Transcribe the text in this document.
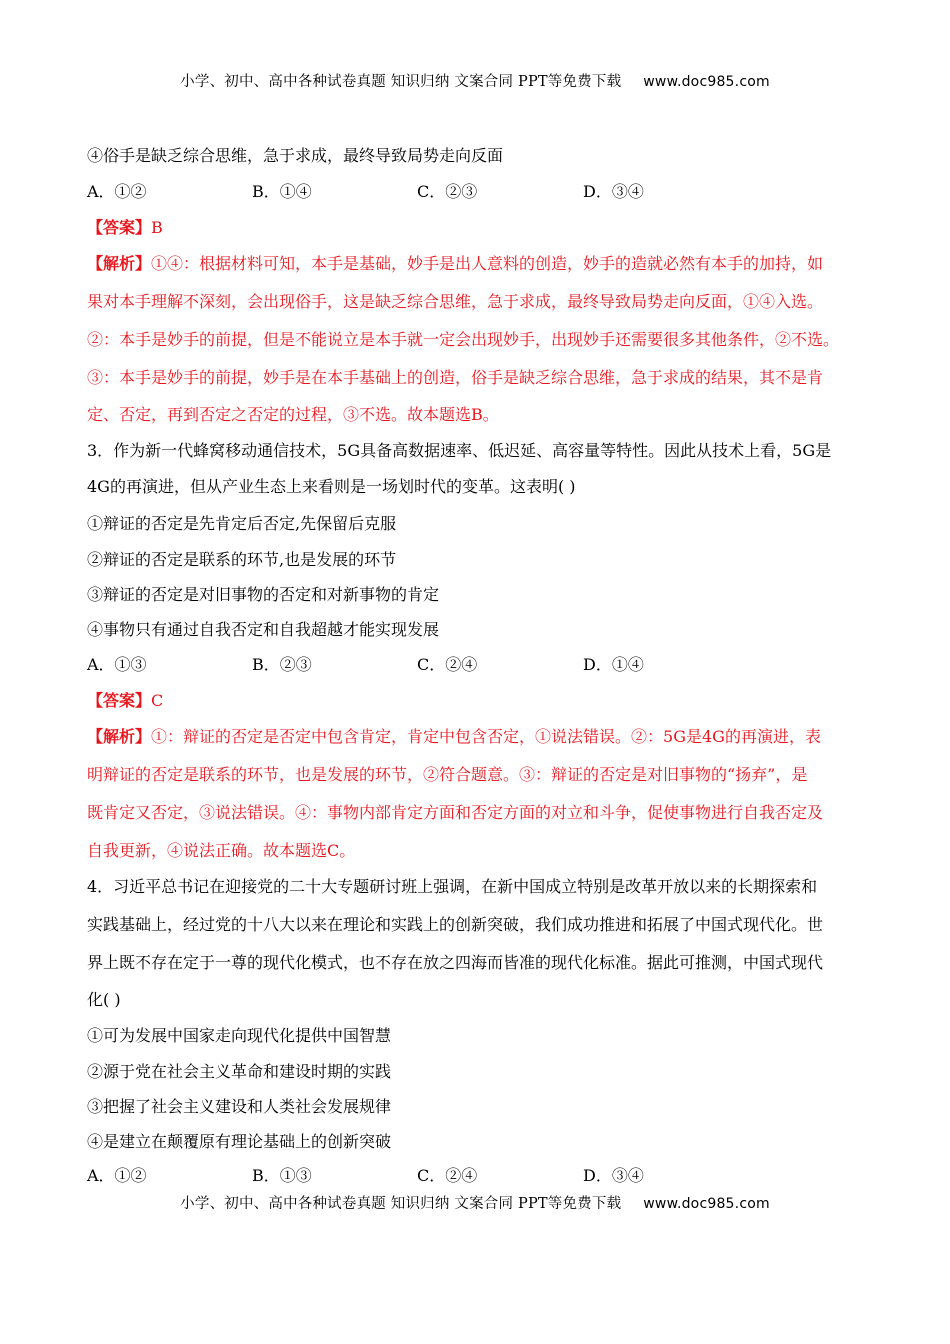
小学、初中、高中各种试卷真题 知识归纳 文案合同 PPT等免费下载 www.doc985.com
④俗手是缺乏综合思维，急于求成，最终导致局势走向反面
A．①②	B．①④	C．②③	D．③④
【答案】B
【解析】①④：根据材料可知，本手是基础，妙手是出人意料的创造，妙手的造就必然有本手的加持，如
果对本手理解不深刻，会出现俗手，这是缺乏综合思维，急于求成，最终导致局势走向反面，①④入选。
②：本手是妙手的前提，但是不能说立是本手就一定会出现妙手，出现妙手还需要很多其他条件，②不选。
③：本手是妙手的前提，妙手是在本手基础上的创造，俗手是缺乏综合思维，急于求成的结果，其不是肯
定、否定，再到否定之否定的过程，③不选。故本题选B。
3．作为新一代蜂窝移动通信技术，5G具备高数据速率、低迟延、高容量等特性。因此从技术上看，5G是
4G的再演进，但从产业生态上来看则是一场划时代的变革。这表明( )
①辩证的否定是先肯定后否定,先保留后克服
②辩证的否定是联系的环节,也是发展的环节
③辩证的否定是对旧事物的否定和对新事物的肯定
④事物只有通过自我否定和自我超越才能实现发展
A．①③	B．②③	C．②④	D．①④
【答案】C
【解析】①：辩证的否定是否定中包含肯定，肯定中包含否定，①说法错误。②：5G是4G的再演进，表
明辩证的否定是联系的环节，也是发展的环节，②符合题意。③：辩证的否定是对旧事物的“扬弃”，是
既肯定又否定，③说法错误。④：事物内部肯定方面和否定方面的对立和斗争，促使事物进行自我否定及
自我更新，④说法正确。故本题选C。
4．习近平总书记在迎接党的二十大专题研讨班上强调，在新中国成立特别是改革开放以来的长期探索和
实践基础上，经过党的十八大以来在理论和实践上的创新突破，我们成功推进和拓展了中国式现代化。世
界上既不存在定于一尊的现代化模式，也不存在放之四海而皆准的现代化标准。据此可推测，中国式现代
化( )
①可为发展中国家走向现代化提供中国智慧
②源于党在社会主义革命和建设时期的实践
③把握了社会主义建设和人类社会发展规律
④是建立在颠覆原有理论基础上的创新突破
A．①②	B．①③	C．②④	D．③④
小学、初中、高中各种试卷真题 知识归纳 文案合同 PPT等免费下载 www.doc985.com
